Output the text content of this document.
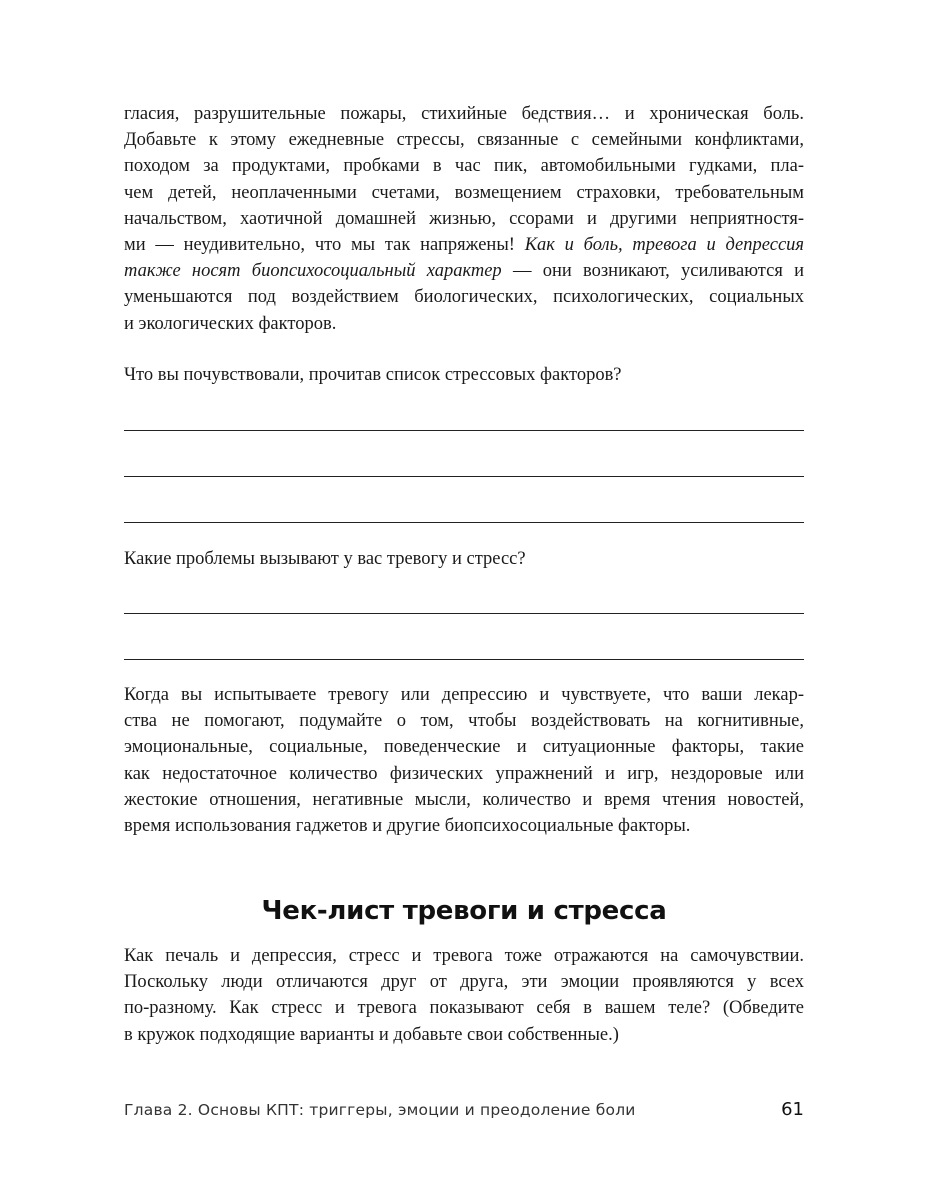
гласия, разрушительные пожары, стихийные бедствия… и хроническая боль.
Добавьте к этому ежедневные стрессы, связанные с семейными конфликтами,
походом за продуктами, пробками в час пик, автомобильными гудками, пла-
чем детей, неоплаченными счетами, возмещением страховки, требовательным
начальством, хаотичной домашней жизнью, ссорами и другими неприятностя-
ми — неудивительно, что мы так напряжены! Как и боль, тревога и депрессия
также носят биопсихосоциальный характер — они возникают, усиливаются и
уменьшаются под воздействием биологических, психологических, социальных
и экологических факторов.

Что вы почувствовали, прочитав список стрессовых факторов?

Какие проблемы вызывают у вас тревогу и стресс?

Когда вы испытываете тревогу или депрессию и чувствуете, что ваши лекар-
ства не помогают, подумайте о том, чтобы воздействовать на когнитивные,
эмоциональные, социальные, поведенческие и ситуационные факторы, такие
как недостаточное количество физических упражнений и игр, нездоровые или
жестокие отношения, негативные мысли, количество и время чтения новостей,
время использования гаджетов и другие биопсихосоциальные факторы.
Чек-лист тревоги и стресса
Как печаль и депрессия, стресс и тревога тоже отражаются на самочувствии.
Поскольку люди отличаются друг от друга, эти эмоции проявляются у всех
по-разному. Как стресс и тревога показывают себя в вашем теле? (Обведите
в кружок подходящие варианты и добавьте свои собственные.)
Глава 2. Основы КПТ: триггеры, эмоции и преодоление боли	61
